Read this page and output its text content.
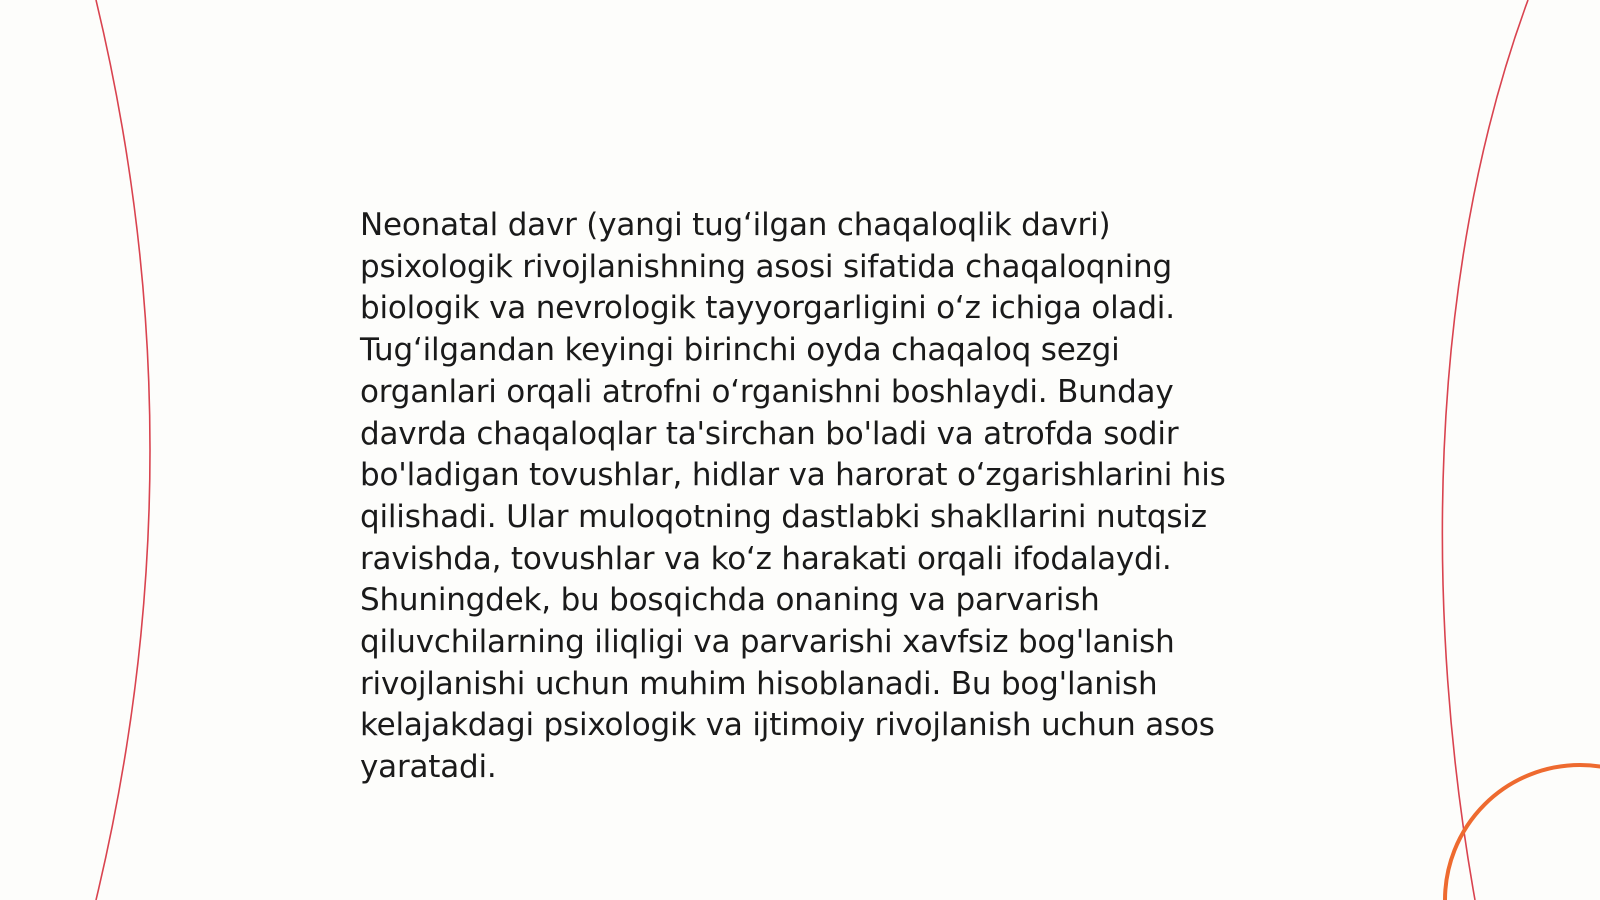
Neonatal davr (yangi tug‘ilgan chaqaloqlik davri) psixologik rivojlanishning asosi sifatida chaqaloqning biologik va nevrologik tayyorgarligini o‘z ichiga oladi. Tug‘ilgandan keyingi birinchi oyda chaqaloq sezgi organlari orqali atrofni o‘rganishni boshlaydi. Bunday davrda chaqaloqlar ta'sirchan bo'ladi va atrofda sodir bo'ladigan tovushlar, hidlar va harorat o‘zgarishlarini his qilishadi. Ular muloqotning dastlabki shakllarini nutqsiz ravishda, tovushlar va ko‘z harakati orqali ifodalaydi. Shuningdek, bu bosqichda onaning va parvarish qiluvchilarning iliqligi va parvarishi xavfsiz bog'lanish rivojlanishi uchun muhim hisoblanadi. Bu bog'lanish kelajakdagi psixologik va ijtimoiy rivojlanish uchun asos yaratadi.
